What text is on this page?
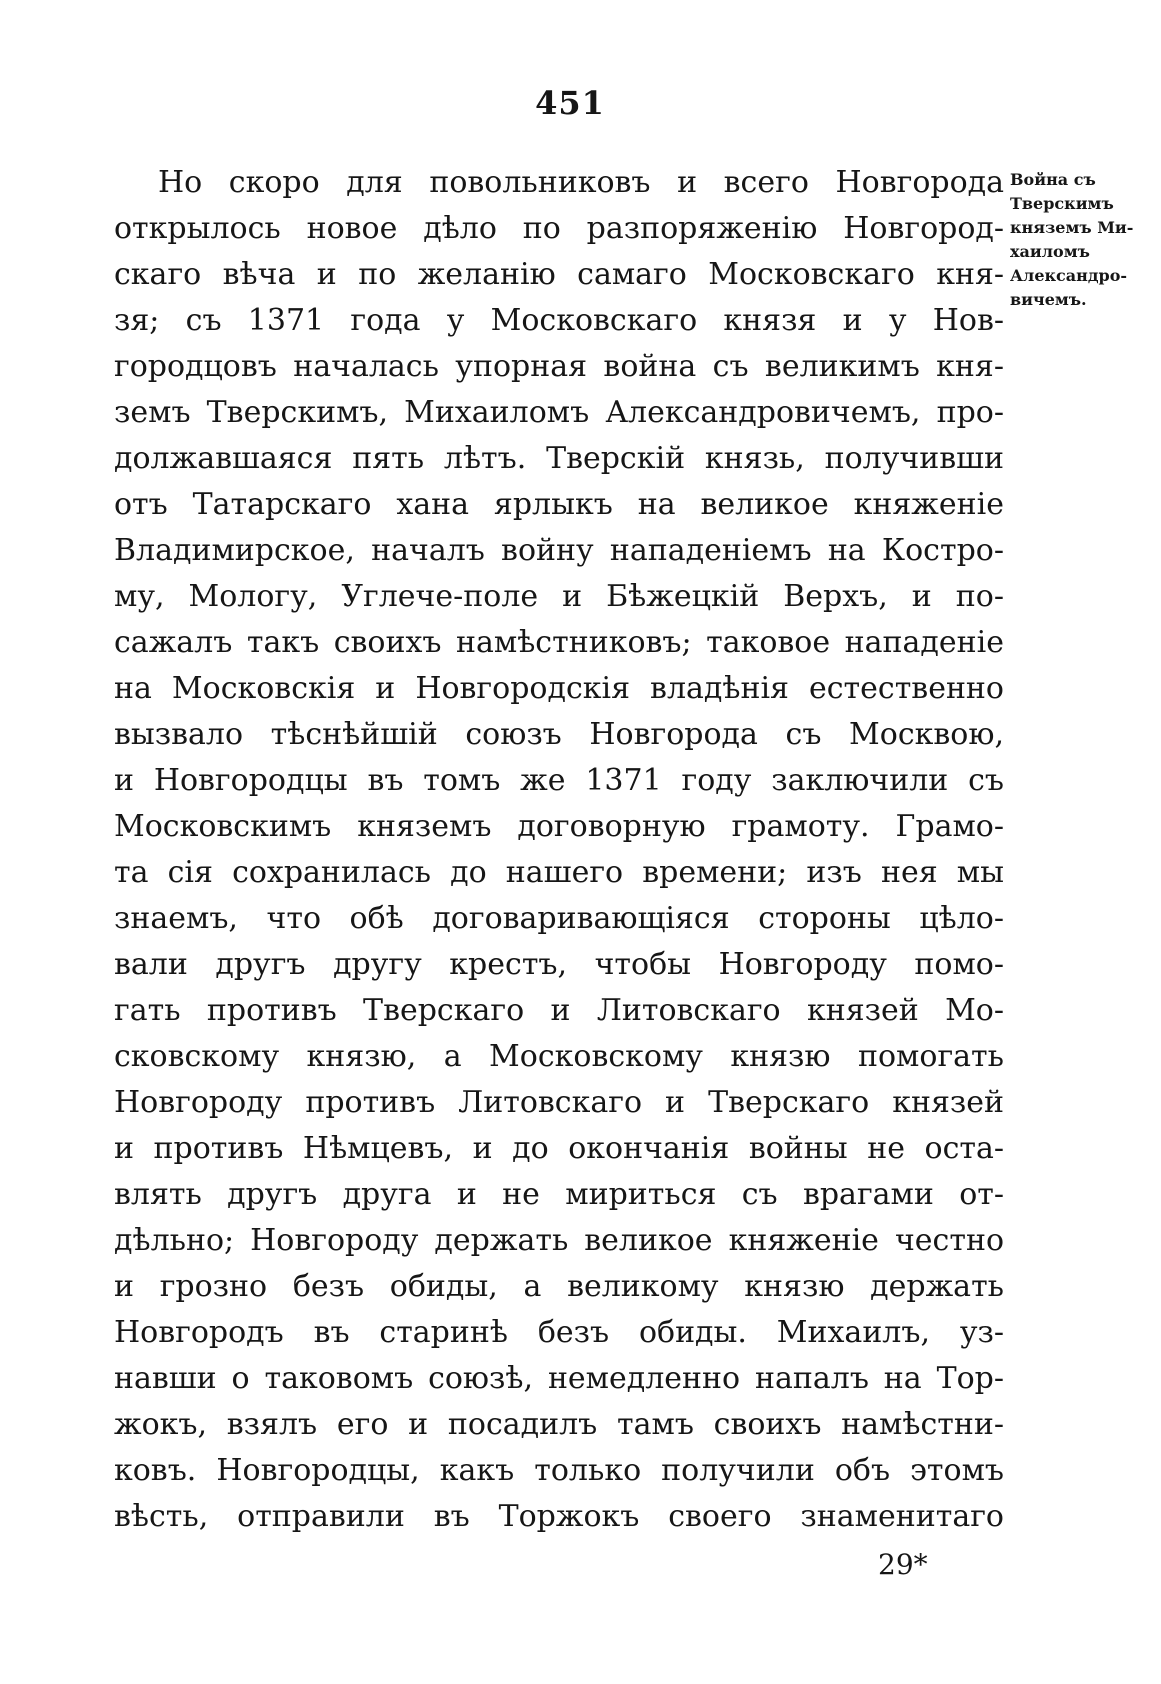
451
Но скоро для повольниковъ и всего Новгорода
открылось новое дѣло по разпоряженію Новгород-
скаго вѣча и по желанію самаго Московскаго кня-
зя; съ 1371 года у Московскаго князя и у Нов-
городцовъ началась упорная война съ великимъ кня-
земъ Тверскимъ, Михаиломъ Александровичемъ, про-
должавшаяся пять лѣтъ. Тверскій князь, получивши
отъ Татарскаго хана ярлыкъ на великое княженіе
Владимирское, началъ войну нападеніемъ на Костро-
му, Мологу, Углече-поле и Бѣжецкій Верхъ, и по-
сажалъ такъ своихъ намѣстниковъ; таковое нападеніе
на Московскія и Новгородскія владѣнія естественно
вызвало тѣснѣйшій союзъ Новгорода съ Москвою,
и Новгородцы въ томъ же 1371 году заключили съ
Московскимъ княземъ договорную грамоту. Грамо-
та сія сохранилась до нашего времени; изъ нея мы
знаемъ, что обѣ договаривающіяся стороны цѣло-
вали другъ другу крестъ, чтобы Новгороду помо-
гать противъ Тверскаго и Литовскаго князей Мо-
сковскому князю, а Московскому князю помогать
Новгороду противъ Литовскаго и Тверскаго князей
и противъ Нѣмцевъ, и до окончанія войны не оста-
влять другъ друга и не мириться съ врагами от-
дѣльно; Новгороду держать великое княженіе честно
и грозно безъ обиды, а великому князю держать
Новгородъ въ старинѣ безъ обиды. Михаилъ, уз-
навши о таковомъ союзѣ, немедленно напалъ на Тор-
жокъ, взялъ его и посадилъ тамъ своихъ намѣстни-
ковъ. Новгородцы, какъ только получили объ этомъ
вѣсть, отправили въ Торжокъ своего знаменитаго
Война съ
Тверскимъ
княземъ Ми-
хаиломъ
Александро-
вичемъ.
29*
